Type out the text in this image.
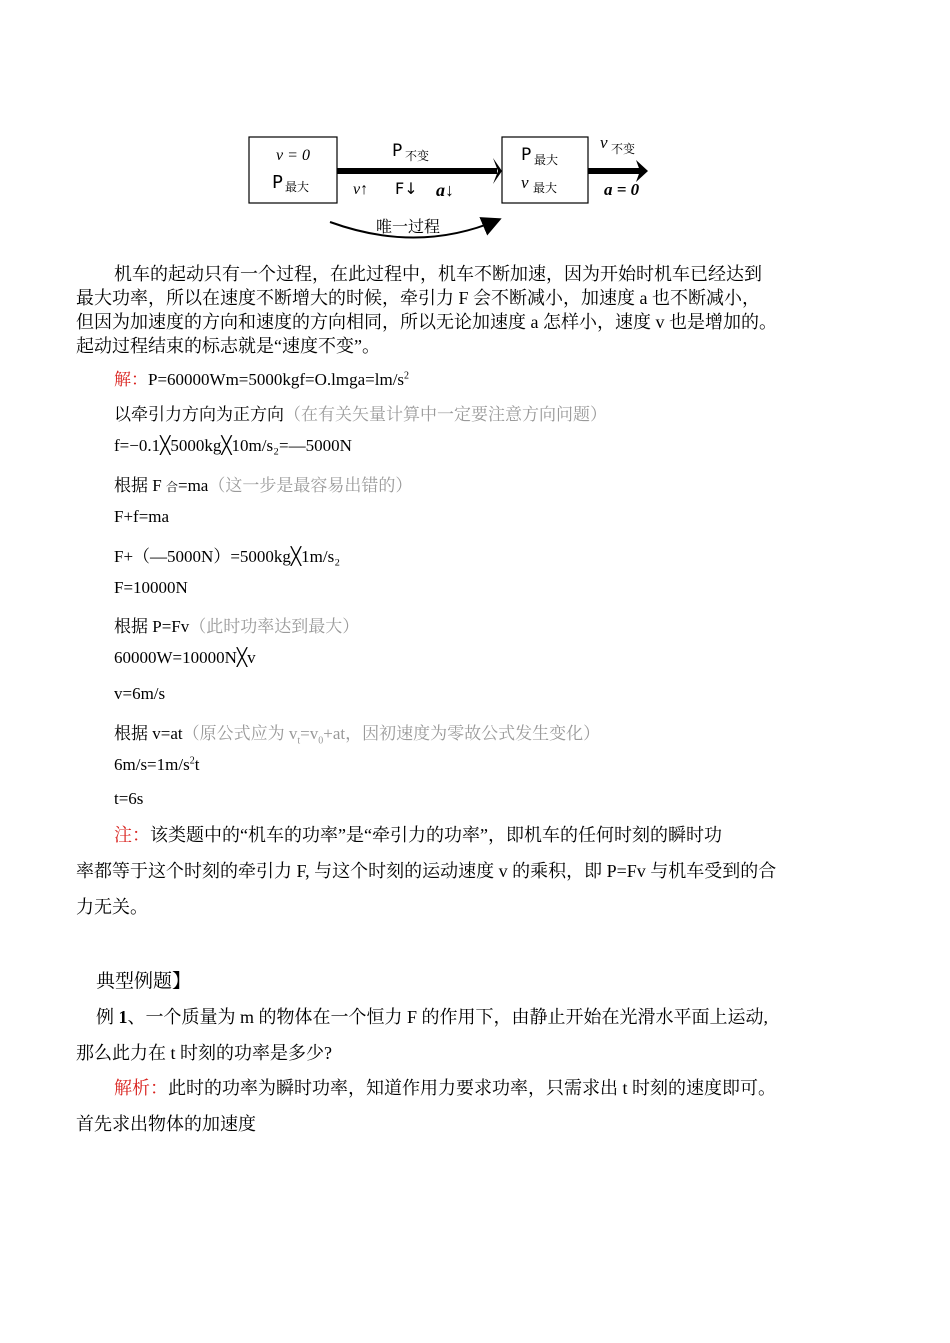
v = 0
P 最大
P 不变
v↑ F↓ a↓
P 最大
v 最大
v 不变
a = 0
唯一过程

机车的起动只有一个过程，在此过程中，机车不断加速，因为开始时机车已经达到

最大功率，所以在速度不断增大的时候，牵引力 F 会不断减小，加速度 a 也不断减小，

但因为加速度的方向和速度的方向相同，所以无论加速度 a 怎样小，速度 v 也是增加的。

起动过程结束的标志就是“速度不变”。

解：$P=60000Wm=5000kgf=O.lmga=lm/s^2$
以牵引力方向为正方向（在有关矢量计算中一定要注意方向问题）
f=−0.1╳5000kg╳10m/s₂=—5000N
根据 F 合=ma（这一步是最容易出错的）
F+f=ma
F+（—5000N）=5000kg╳1m/s₂
F=10000N
根据 P=Fv（此时功率达到最大）
60000W=10000N╳v
v=6m/s
根据 v=at（原公式应为 $v_t=v_0+at$，因初速度为零故公式发生变化）
$6m/s=1m/s^2t$
t=6s
注：该类题中的“机车的功率”是“牵引力的功率”，即机车的任何时刻的瞬时功
率都等于这个时刻的牵引力 F, 与这个时刻的运动速度 v 的乘积，即 P=Fv 与机车受到的合
力无关。
典型例题】
例 1、一个质量为 m 的物体在一个恒力 F 的作用下，由静止开始在光滑水平面上运动,
那么此力在 t 时刻的功率是多少?
解析：此时的功率为瞬时功率，知道作用力要求功率，只需求出 t 时刻的速度即可。
首先求出物体的加速度
